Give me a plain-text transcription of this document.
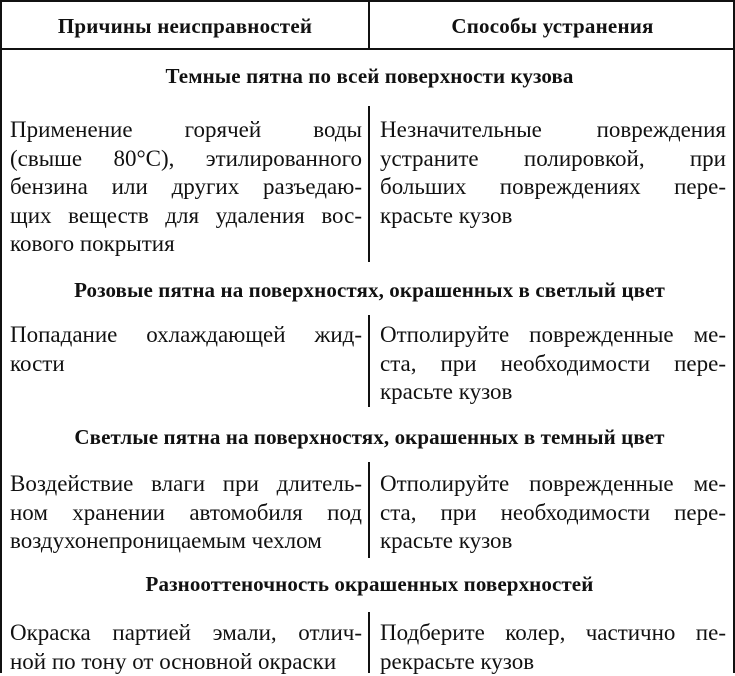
Причины неисправностей	Способы устранения
Темные пятна по всей поверхности кузова
Применение горячей воды
(свыше 80°С), этилированного
бензина или других разъедаю-
щих веществ для удаления вос-
кового покрытия
Незначительные повреждения
устраните полировкой, при
больших повреждениях пере-
красьте кузов
Розовые пятна на поверхностях, окрашенных в светлый цвет
Попадание охлаждающей жид-
кости
Отполируйте поврежденные ме-
ста, при необходимости пере-
красьте кузов
Светлые пятна на поверхностях, окрашенных в темный цвет
Воздействие влаги при длитель-
ном хранении автомобиля под
воздухонепроницаемым чехлом
Отполируйте поврежденные ме-
ста, при необходимости пере-
красьте кузов
Разнооттеночность окрашенных поверхностей
Окраска партией эмали, отлич-
ной по тону от основной окраски
Подберите колер, частично пе-
рекрасьте кузов
